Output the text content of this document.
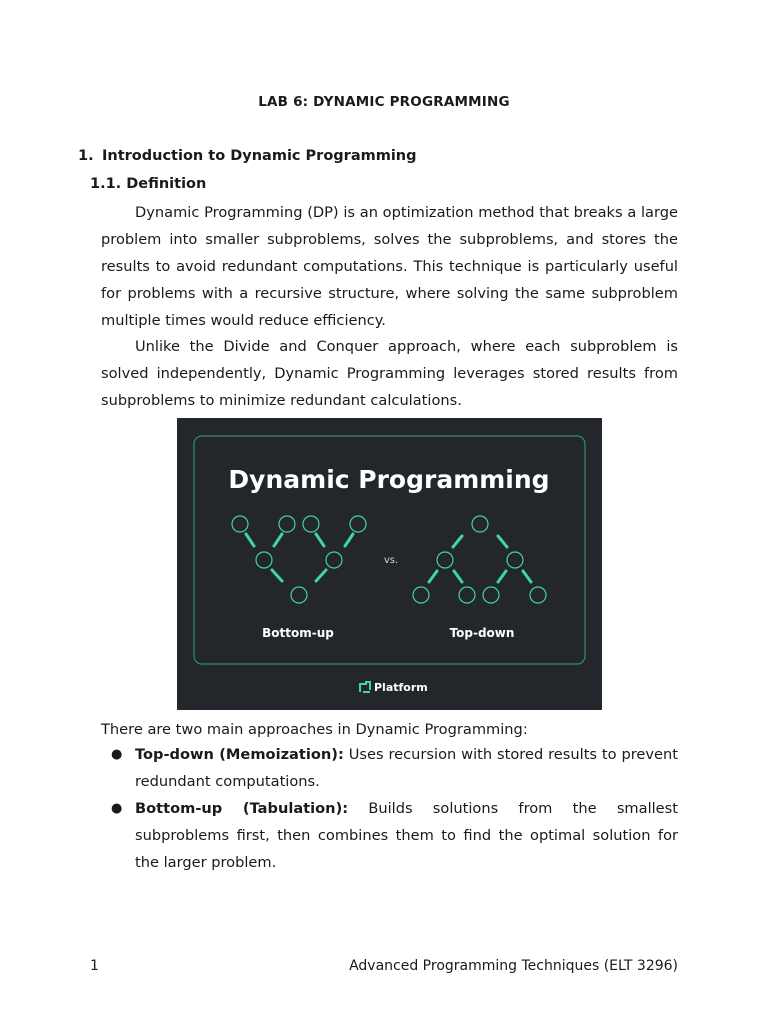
LAB 6: DYNAMIC PROGRAMMING
1. Introduction to Dynamic Programming
1.1. Definition

Dynamic Programming (DP) is an optimization method that breaks a large problem into smaller subproblems, solves the subproblems, and stores the results to avoid redundant computations. This technique is particularly useful for problems with a recursive structure, where solving the same subproblem multiple times would reduce efficiency.

Unlike the Divide and Conquer approach, where each subproblem is solved independently, Dynamic Programming leverages stored results from subproblems to minimize redundant calculations.

Dynamic Programming
vs.
Bottom-up	Top-down
Platform

There are two main approaches in Dynamic Programming:

● Top-down (Memoization): Uses recursion with stored results to prevent redundant computations.
● Bottom-up (Tabulation): Builds solutions from the smallest subproblems first, then combines them to find the optimal solution for the larger problem.
1	Advanced Programming Techniques (ELT 3296)
